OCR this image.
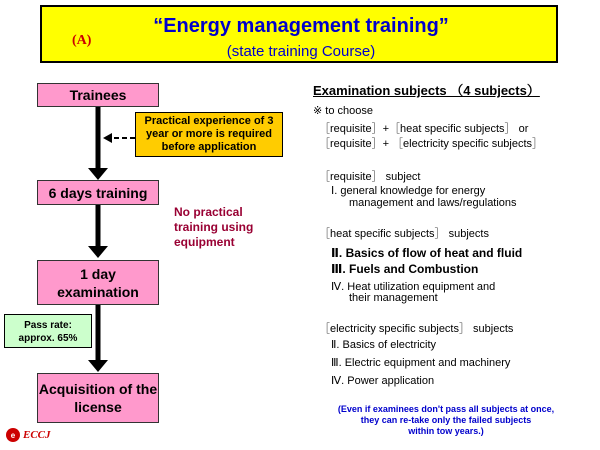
“Energy management training”
(state training Course)
(A)
Trainees
Practical experience of 3 year or more is required before application
6 days training
No practical training using equipment
1 day examination
Pass rate: approx. 65%
Acquisition of the license
Examination subjects （4 subjects）
※ to choose
［requisite］+［heat specific subjects］ or
［requisite］+ ［electricity specific subjects］
［requisite］ subject
Ⅰ. general knowledge for energy
management and laws/regulations
［heat specific subjects］ subjects
Ⅱ. Basics of flow of heat and fluid
Ⅲ. Fuels and Combustion
Ⅳ. Heat utilization equipment and
their management
［electricity specific subjects］ subjects
Ⅱ. Basics of electricity
Ⅲ. Electric equipment and machinery
Ⅳ. Power application
(Even if examinees don't pass all subjects at once,
they can re-take only the failed subjects
within tow years.)
e ECCJ
